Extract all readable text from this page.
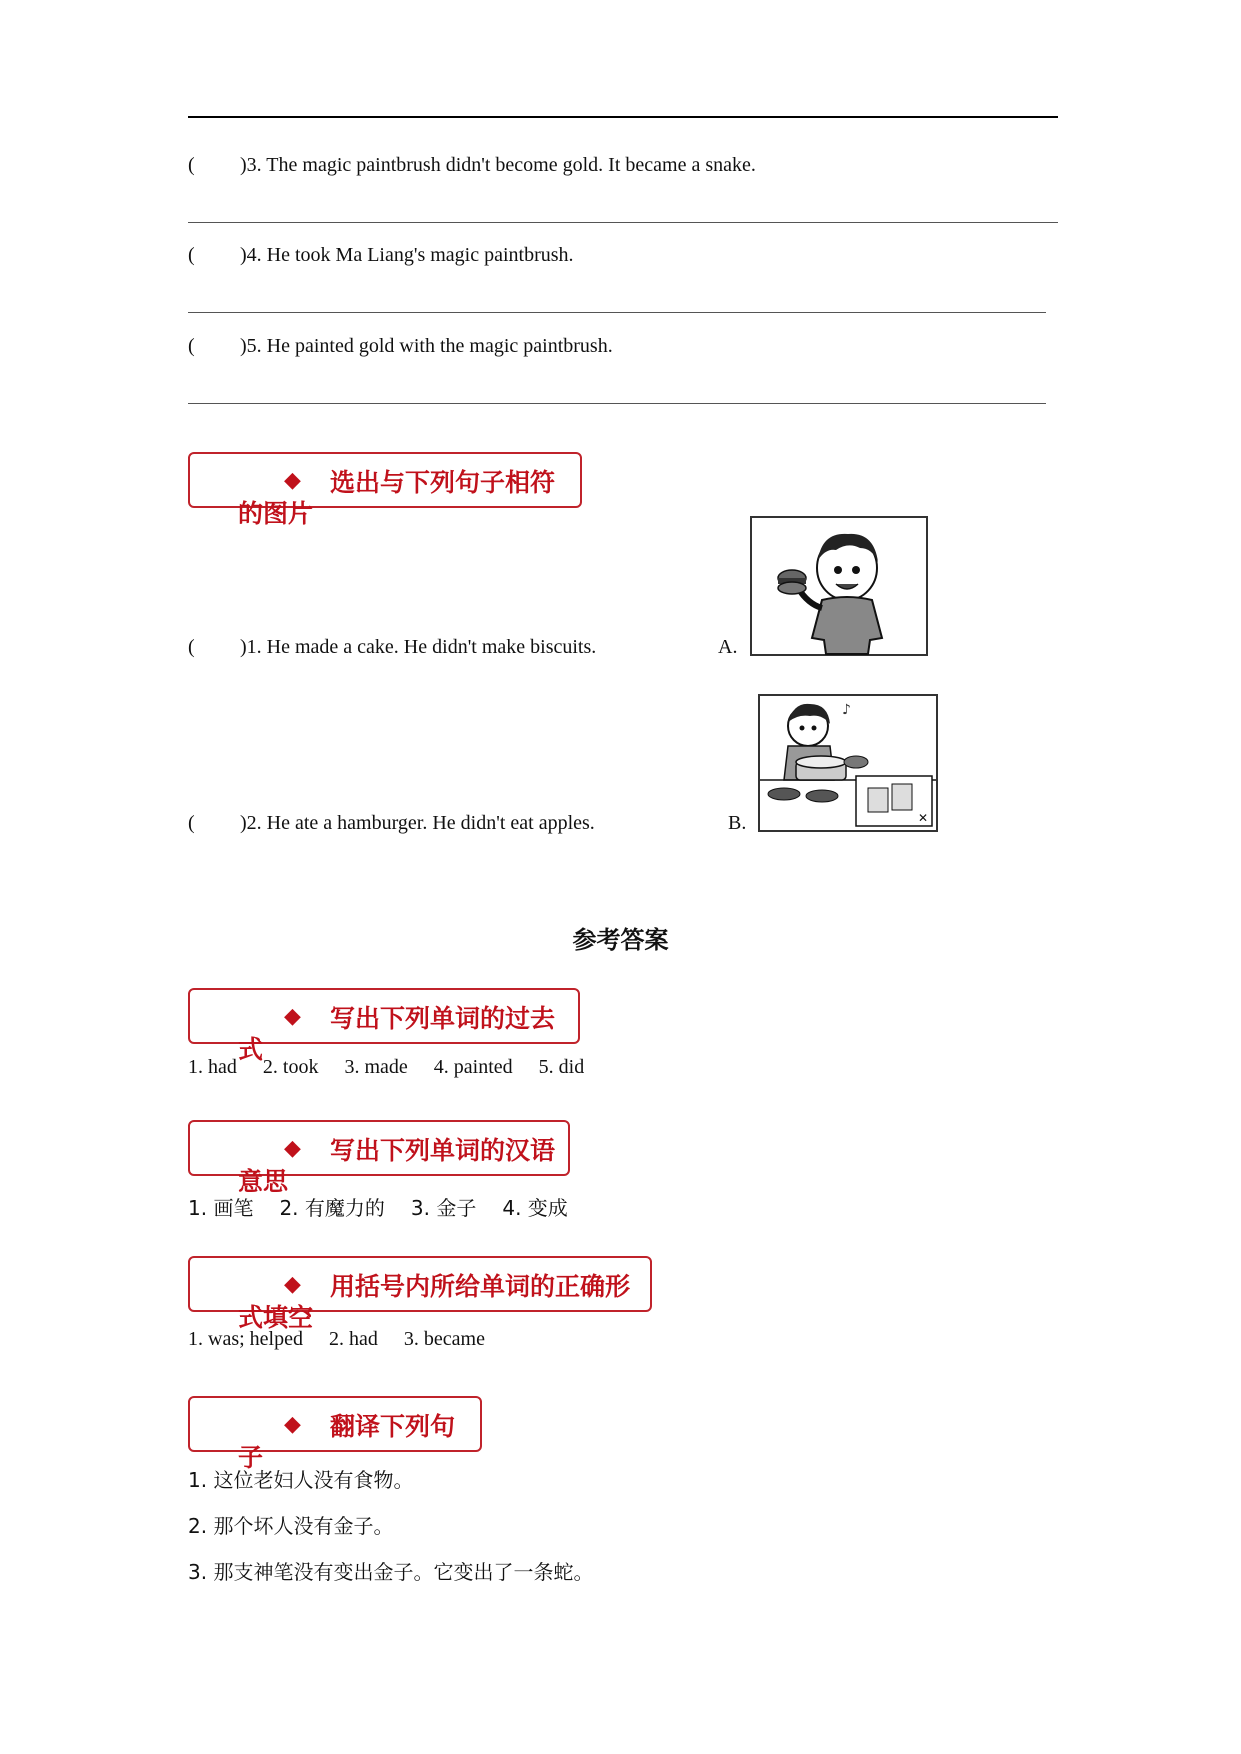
( )3. The magic paintbrush didn't become gold. It became a snake.
( )4. He took Ma Liang's magic paintbrush.
( )5. He painted gold with the magic paintbrush.
◆ 选出与下列句子相符
的图片
( )1. He made a cake. He didn't make biscuits.	A.
( )2. He ate a hamburger. He didn't eat apples.	B.
♪
✕
参考答案
◆ 写出下列单词的过去
式
1. had 2. took 3. made 4. painted 5. did
◆ 写出下列单词的汉语
意思
1. 画笔 2. 有魔力的 3. 金子 4. 变成
◆ 用括号内所给单词的正确形
式填空
1. was; helped 2. had 3. became
◆ 翻译下列句
子
1. 这位老妇人没有食物。
2. 那个坏人没有金子。
3. 那支神笔没有变出金子。它变出了一条蛇。
